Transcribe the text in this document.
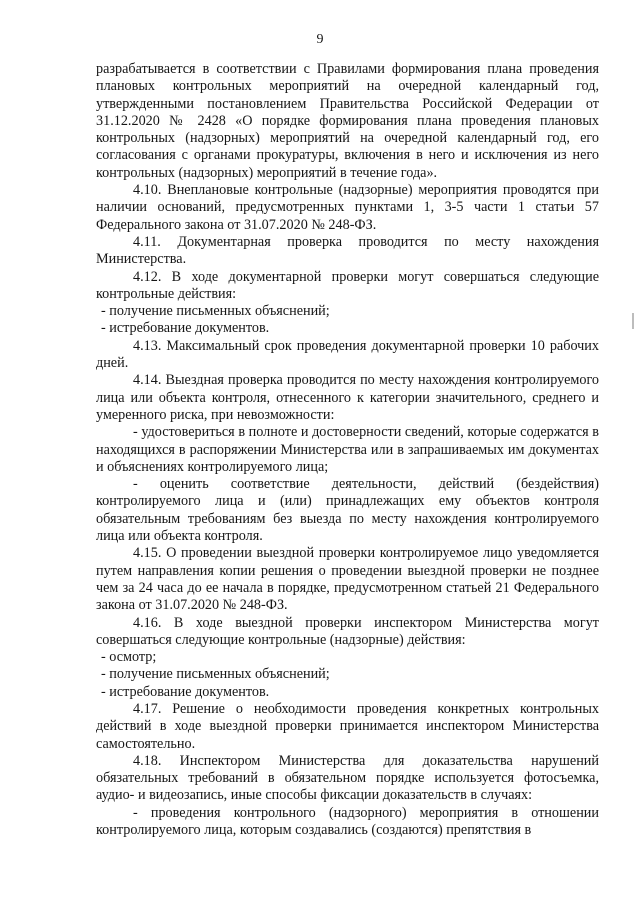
9

разрабатывается в соответствии с Правилами формирования плана проведения плановых контрольных мероприятий на очередной календарный год, утвержденными постановлением Правительства Российской Федерации от 31.12.2020 № 2428 «О порядке формирования плана проведения плановых контрольных (надзорных) мероприятий на очередной календарный год, его согласования с органами прокуратуры, включения в него и исключения из него контрольных (надзорных) мероприятий в течение года».

4.10. Внеплановые контрольные (надзорные) мероприятия проводятся при наличии оснований, предусмотренных пунктами 1, 3-5 части 1 статьи 57 Федерального закона от 31.07.2020 № 248-ФЗ.

4.11. Документарная проверка проводится по месту нахождения Министерства.

4.12. В ходе документарной проверки могут совершаться следующие контрольные действия:

- получение письменных объяснений;

- истребование документов.

4.13. Максимальный срок проведения документарной проверки 10 рабочих дней.

4.14. Выездная проверка проводится по месту нахождения контролируемого лица или объекта контроля, отнесенного к категории значительного, среднего и умеренного риска, при невозможности:

- удостовериться в полноте и достоверности сведений, которые содержатся в находящихся в распоряжении Министерства или в запрашиваемых им документах и объяснениях контролируемого лица;

- оценить соответствие деятельности, действий (бездействия) контролируемого лица и (или) принадлежащих ему объектов контроля обязательным требованиям без выезда по месту нахождения контролируемого лица или объекта контроля.

4.15. О проведении выездной проверки контролируемое лицо уведомляется путем направления копии решения о проведении выездной проверки не позднее чем за 24 часа до ее начала в порядке, предусмотренном статьей 21 Федерального закона от 31.07.2020 № 248-ФЗ.

4.16. В ходе выездной проверки инспектором Министерства могут совершаться следующие контрольные (надзорные) действия:

- осмотр;

- получение письменных объяснений;

- истребование документов.

4.17. Решение о необходимости проведения конкретных контрольных действий в ходе выездной проверки принимается инспектором Министерства самостоятельно.

4.18. Инспектором Министерства для доказательства нарушений обязательных требований в обязательном порядке используется фотосъемка, аудио- и видеозапись, иные способы фиксации доказательств в случаях:

- проведения контрольного (надзорного) мероприятия в отношении контролируемого лица, которым создавались (создаются) препятствия в
